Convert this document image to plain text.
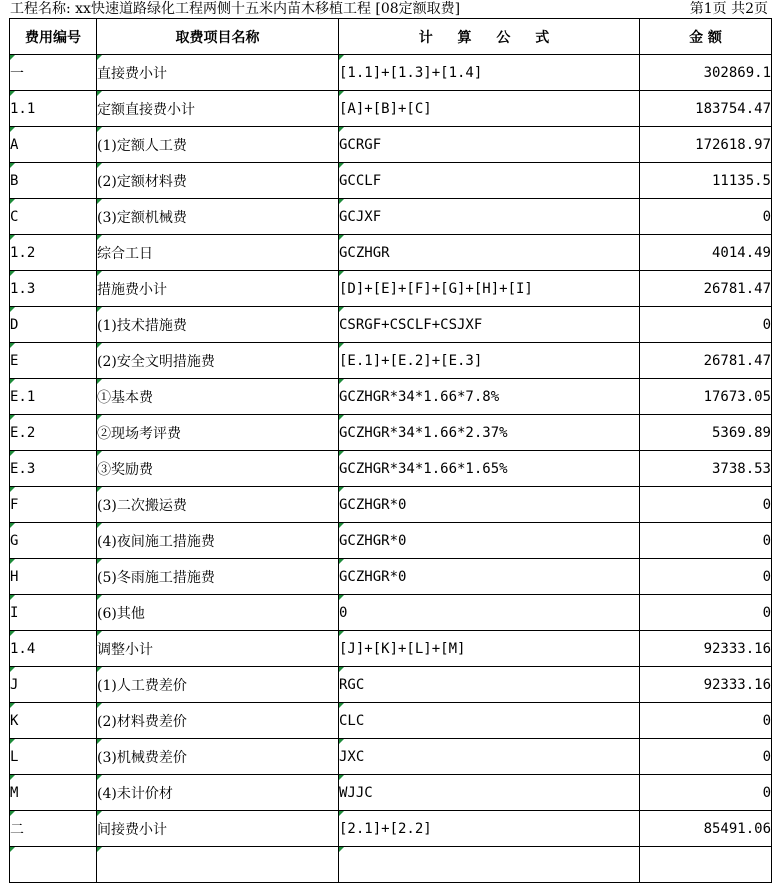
工程名称: xx快速道路绿化工程两侧十五米内苗木移植工程 [08定额取费]	第1页 共2页
费用编号	取费项目名称	计 算 公 式	金 额
一	直接费小计	[1.1]+[1.3]+[1.4]	302869.1
1.1	定额直接费小计	[A]+[B]+[C]	183754.47
A	(1)定额人工费	GCRGF	172618.97
B	(2)定额材料费	GCCLF	11135.5
C	(3)定额机械费	GCJXF	0
1.2	综合工日	GCZHGR	4014.49
1.3	措施费小计	[D]+[E]+[F]+[G]+[H]+[I]	26781.47
D	(1)技术措施费	CSRGF+CSCLF+CSJXF	0
E	(2)安全文明措施费	[E.1]+[E.2]+[E.3]	26781.47
E.1	①基本费	GCZHGR*34*1.66*7.8%	17673.05
E.2	②现场考评费	GCZHGR*34*1.66*2.37%	5369.89
E.3	③奖励费	GCZHGR*34*1.66*1.65%	3738.53
F	(3)二次搬运费	GCZHGR*0	0
G	(4)夜间施工措施费	GCZHGR*0	0
H	(5)冬雨施工措施费	GCZHGR*0	0
I	(6)其他	0	0
1.4	调整小计	[J]+[K]+[L]+[M]	92333.16
J	(1)人工费差价	RGC	92333.16
K	(2)材料费差价	CLC	0
L	(3)机械费差价	JXC	0
M	(4)未计价材	WJJC	0
二	间接费小计	[2.1]+[2.2]	85491.06
